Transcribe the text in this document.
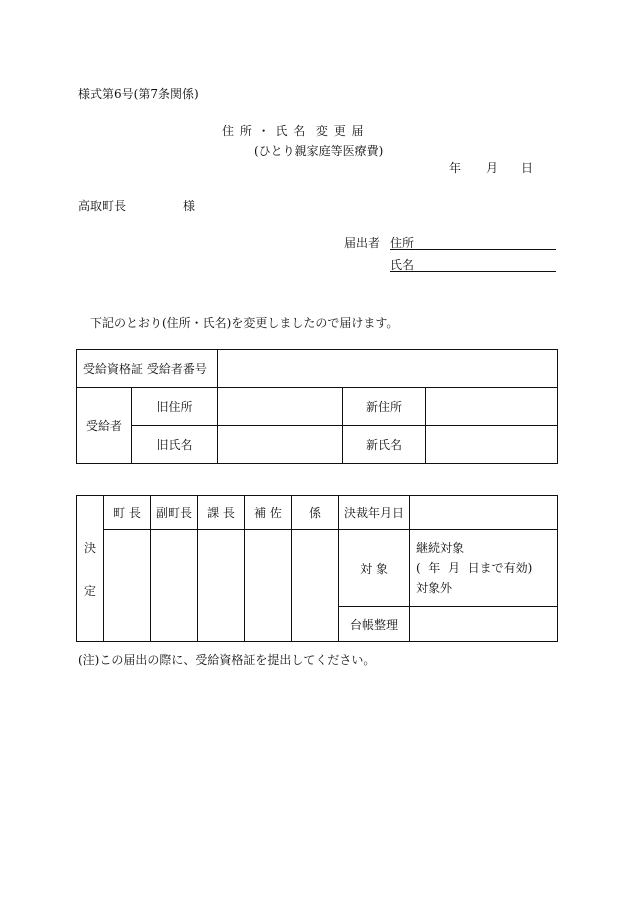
様式第6号(第7条関係)
住 所 ・ 氏 名  変 更 届
(ひとり親家庭等医療費)
年 月 日
高取町長	様
届出者 住所
氏名
下記のとおり(住所・氏名)を変更しましたので届けます。
受給資格証 受給者番号				
受給者	旧住所		新住所	
	旧氏名		新氏名	
決
定	町 長	副町長	課 長	補 佐	係	決裁年月日	
						対 象	継続対象
(  年  月  日まで有効)
対象外

						台帳整理	
(注)この届出の際に、受給資格証を提出してください。
